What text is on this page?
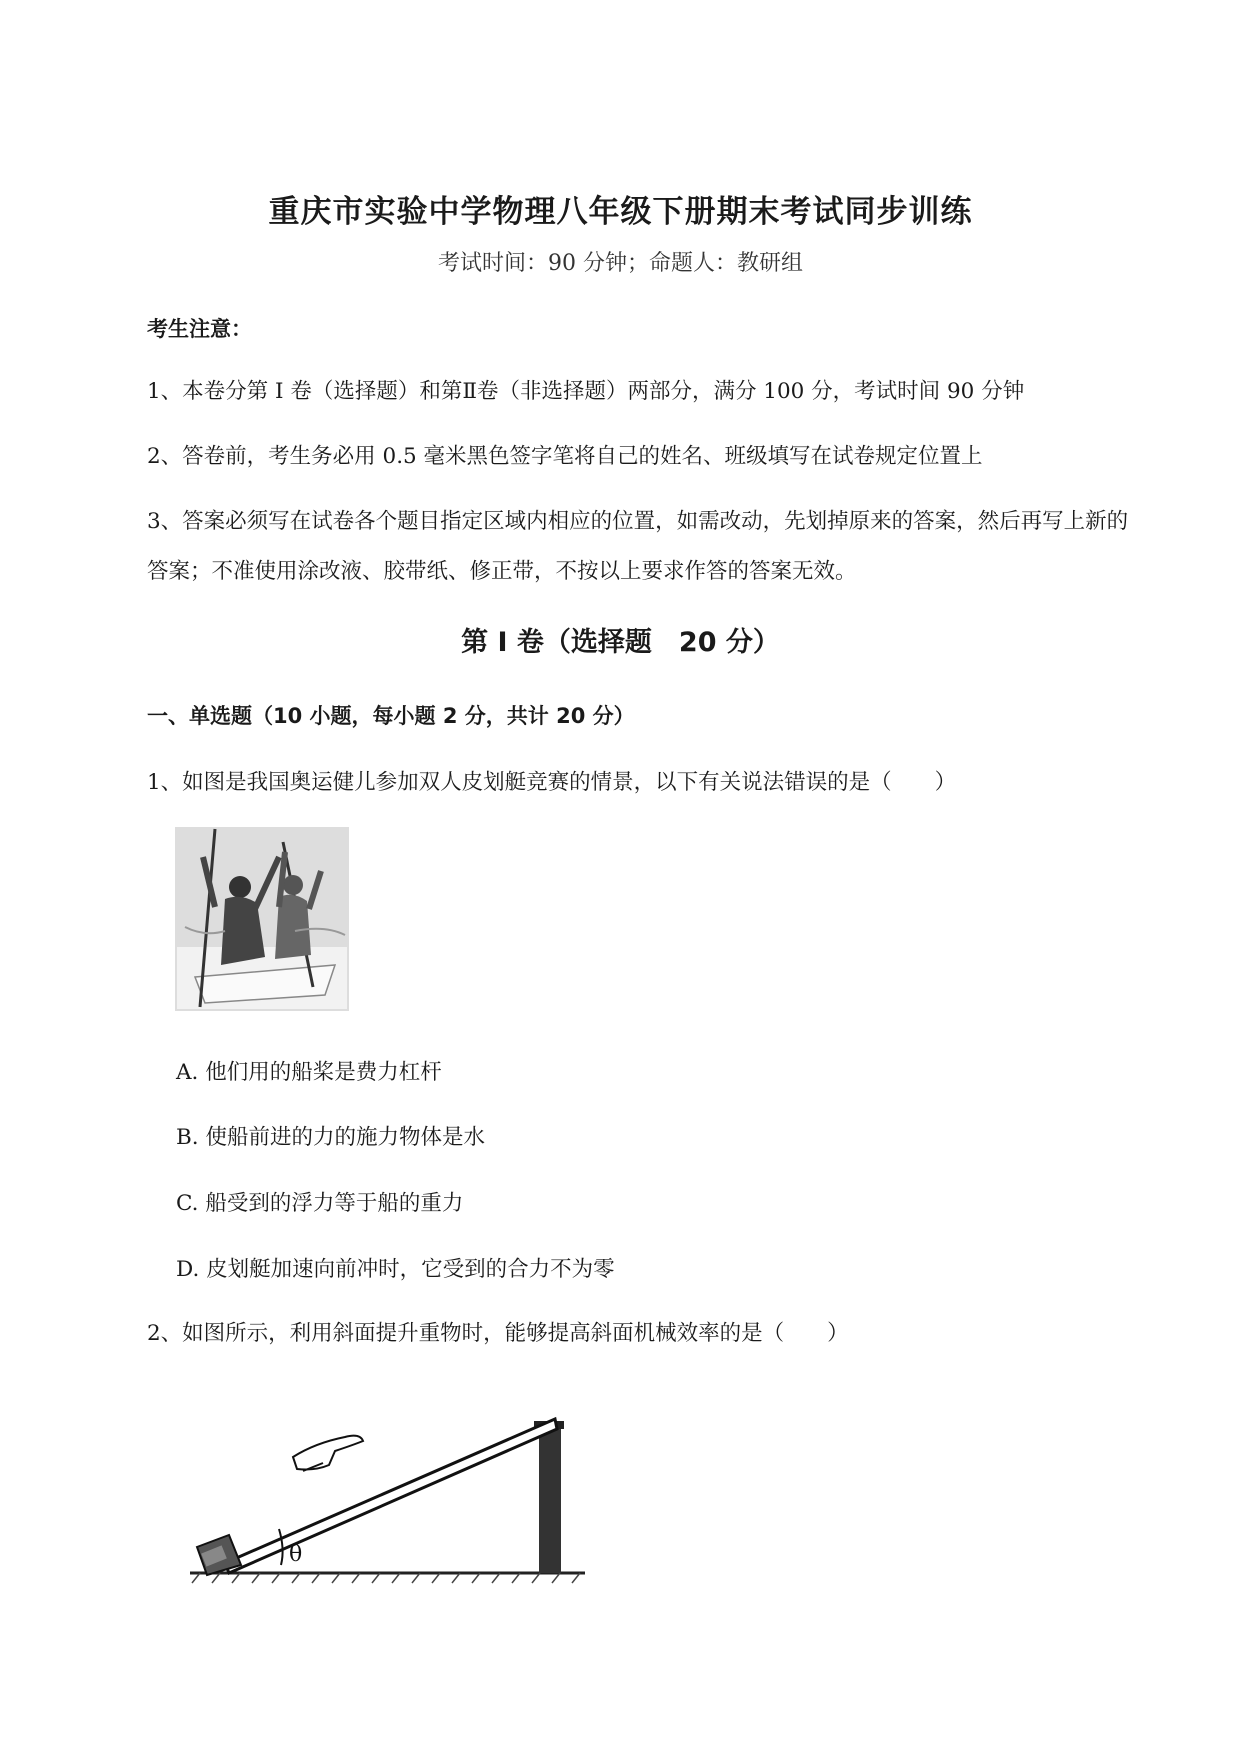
重庆市实验中学物理八年级下册期末考试同步训练
考试时间：90 分钟；命题人：教研组
考生注意：
1、本卷分第 I 卷（选择题）和第Ⅱ卷（非选择题）两部分，满分 100 分，考试时间 90 分钟
2、答卷前，考生务必用 0.5 毫米黑色签字笔将自己的姓名、班级填写在试卷规定位置上
3、答案必须写在试卷各个题目指定区域内相应的位置，如需改动，先划掉原来的答案，然后再写上新的答案；不准使用涂改液、胶带纸、修正带，不按以上要求作答的答案无效。
第 I 卷（选择题　20 分）
一、单选题（10 小题，每小题 2 分，共计 20 分）
1、如图是我国奥运健儿参加双人皮划艇竞赛的情景，以下有关说法错误的是（　　）
A. 他们用的船桨是费力杠杆
B. 使船前进的力的施力物体是水
C. 船受到的浮力等于船的重力
D. 皮划艇加速向前冲时，它受到的合力不为零
2、如图所示，利用斜面提升重物时，能够提高斜面机械效率的是（　　）
θ
